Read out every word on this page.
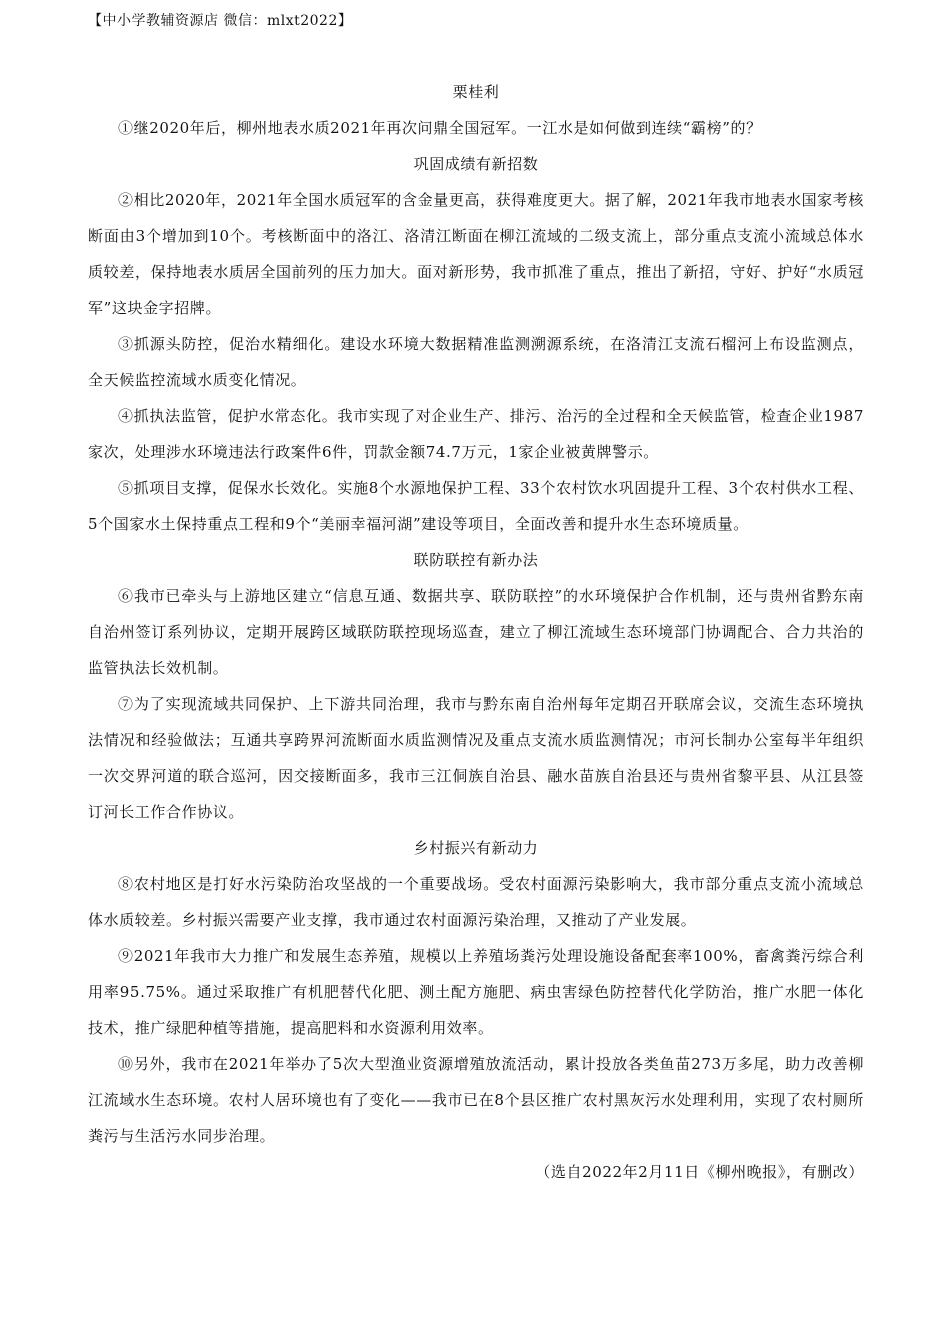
【中小学教辅资源店 微信：mlxt2022】

栗桂利

①继2020年后，柳州地表水质2021年再次问鼎全国冠军。一江水是如何做到连续“霸榜”的？

巩固成绩有新招数

②相比2020年，2021年全国水质冠军的含金量更高，获得难度更大。据了解，2021年我市地表水国家考核断面由3个增加到10个。考核断面中的洛江、洛清江断面在柳江流域的二级支流上，部分重点支流小流域总体水质较差，保持地表水质居全国前列的压力加大。面对新形势，我市抓准了重点，推出了新招，守好、护好“水质冠军”这块金字招牌。

③抓源头防控，促治水精细化。建设水环境大数据精准监测溯源系统，在洛清江支流石榴河上布设监测点，全天候监控流域水质变化情况。

④抓执法监管，促护水常态化。我市实现了对企业生产、排污、治污的全过程和全天候监管，检查企业1987家次，处理涉水环境违法行政案件6件，罚款金额74.7万元，1家企业被黄牌警示。

⑤抓项目支撑，促保水长效化。实施8个水源地保护工程、33个农村饮水巩固提升工程、3个农村供水工程、5个国家水土保持重点工程和9个“美丽幸福河湖”建设等项目，全面改善和提升水生态环境质量。

联防联控有新办法

⑥我市已牵头与上游地区建立“信息互通、数据共享、联防联控”的水环境保护合作机制，还与贵州省黔东南自治州签订系列协议，定期开展跨区域联防联控现场巡查，建立了柳江流域生态环境部门协调配合、合力共治的监管执法长效机制。

⑦为了实现流域共同保护、上下游共同治理，我市与黔东南自治州每年定期召开联席会议，交流生态环境执法情况和经验做法；互通共享跨界河流断面水质监测情况及重点支流水质监测情况；市河长制办公室每半年组织一次交界河道的联合巡河，因交接断面多，我市三江侗族自治县、融水苗族自治县还与贵州省黎平县、从江县签订河长工作合作协议。

乡村振兴有新动力

⑧农村地区是打好水污染防治攻坚战的一个重要战场。受农村面源污染影响大，我市部分重点支流小流域总体水质较差。乡村振兴需要产业支撑，我市通过农村面源污染治理，又推动了产业发展。

⑨2021年我市大力推广和发展生态养殖，规模以上养殖场粪污处理设施设备配套率100%，畜禽粪污综合利用率95.75%。通过采取推广有机肥替代化肥、测土配方施肥、病虫害绿色防控替代化学防治，推广水肥一体化技术，推广绿肥种植等措施，提高肥料和水资源利用效率。

⑩另外，我市在2021年举办了5次大型渔业资源增殖放流活动，累计投放各类鱼苗273万多尾，助力改善柳江流域水生态环境。农村人居环境也有了变化——我市已在8个县区推广农村黑灰污水处理利用，实现了农村厕所粪污与生活污水同步治理。

（选自2022年2月11日《柳州晚报》，有删改）
